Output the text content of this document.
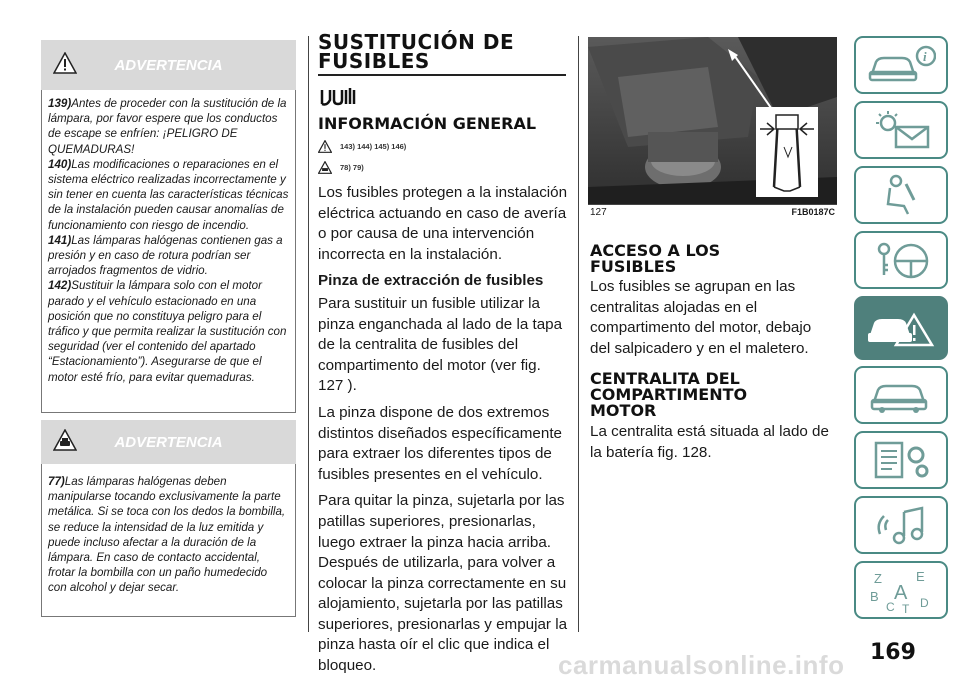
ADVERTENCIA

139)Antes de proceder con la sustitución de la lámpara, por favor espere que los conductos de escape se enfríen: ¡PELIGRO DE QUEMADURAS!

140)Las modificaciones o reparaciones en el sistema eléctrico realizadas incorrectamente y sin tener en cuenta las características técnicas de la instalación pueden causar anomalías de funcionamiento con riesgo de incendio.

141)Las lámparas halógenas contienen gas a presión y en caso de rotura podrían ser arrojados fragmentos de vidrio.

142)Sustituir la lámpara solo con el motor parado y el vehículo estacionado en una posición que no constituya peligro para el tráfico y que permita realizar la sustitución con seguridad (ver el contenido del apartado “Estacionamiento”). Asegurarse de que el motor esté frío, para evitar quemaduras.

ADVERTENCIA

77)Las lámparas halógenas deben manipularse tocando exclusivamente la parte metálica. Si se toca con los dedos la bombilla, se reduce la intensidad de la luz emitida y puede incluso afectar a la duración de la lámpara. En caso de contacto accidental, frotar la bombilla con un paño humedecido con alcohol y dejar secar.

SUSTITUCIÓN DE
FUSIBLES
INFORMACIÓN GENERAL
143) 144) 145) 146)
78) 79)

Los fusibles protegen a la instalación eléctrica actuando en caso de avería o por causa de una intervención incorrecta en la instalación.

Pinza de extracción de fusibles

Para sustituir un fusible utilizar la pinza enganchada al lado de la tapa de la centralita de fusibles del compartimento del motor (ver fig. 127 ).

La pinza dispone de dos extremos distintos diseñados específicamente para extraer los diferentes tipos de fusibles presentes en el vehículo.

Para quitar la pinza, sujetarla por las patillas superiores, presionarlas, luego extraer la pinza hacia arriba. Después de utilizarla, para volver a colocar la pinza correctamente en su alojamiento, sujetarla por las patillas superiores, presionarlas y empujar la pinza hasta oír el clic que indica el bloqueo.

127	F1B0187C
ACCESO A LOS
FUSIBLES
Los fusibles se agrupan en las centralitas alojadas en el compartimento del motor, debajo del salpicadero y en el maletero.
CENTRALITA DEL
COMPARTIMENTO
MOTOR
La centralita está situada al lado de la batería fig. 128.
i
Z	E
B A
C T D
169
carmanualsonline.info
